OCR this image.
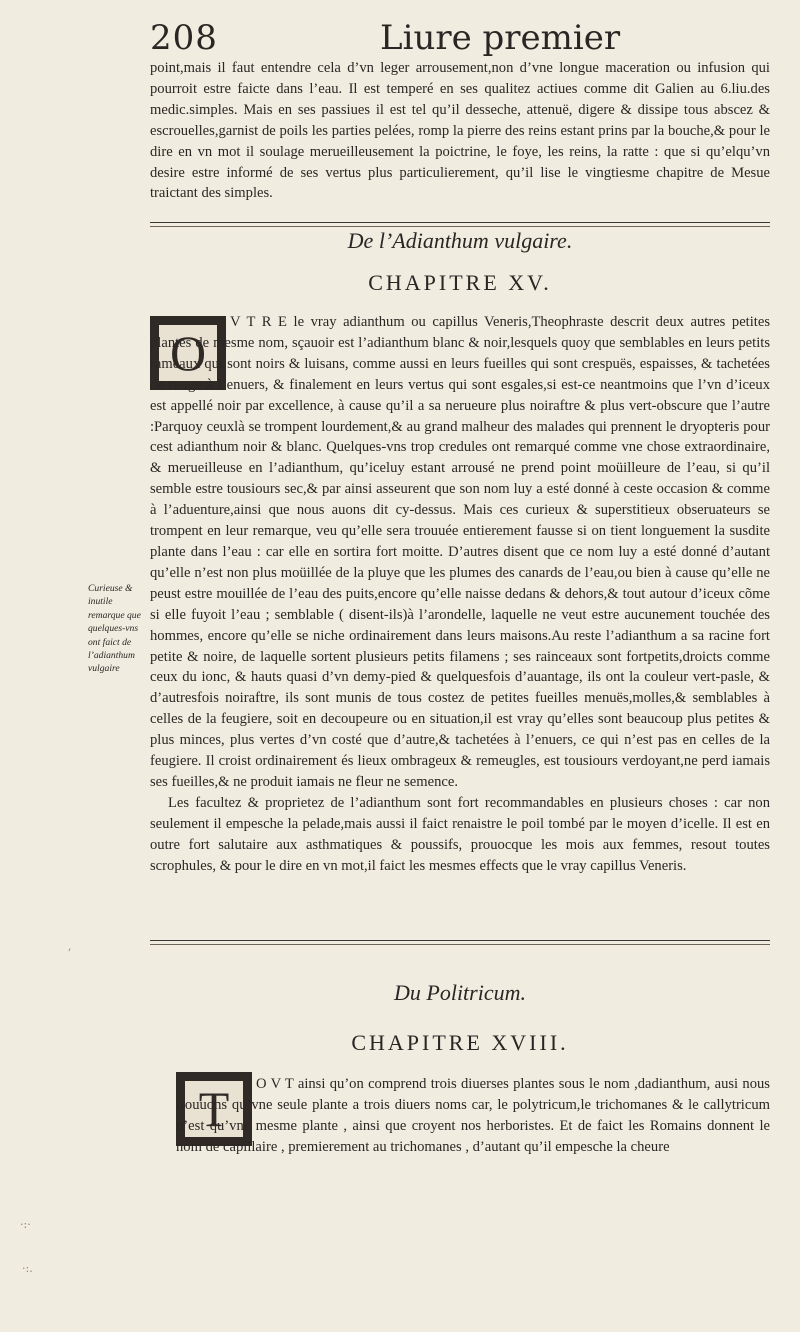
208	Liure premier

point,mais il faut entendre cela d’vn leger arrousement,non d’vne longue maceration ou infusion qui pourroit estre faicte dans l’eau. Il est temperé en ses qualitez actiues comme dit Galien au 6.liu.des medic.simples. Mais en ses passiues il est tel qu’il desseche, attenuë, digere & dissipe tous abscez & escrouelles,garnist de poils les parties pelées, romp la pierre des reins estant prins par la bouche,& pour le dire en vn mot il soulage merueilleusement la poictrine, le foye, les reins, la ratte : que si qu’elqu’vn desire estre informé de ses vertus plus particulierement, qu’il lise le vingtiesme chapitre de Mesue traictant des simples.

De l’Adianthum vulgaire.
CHAPITRE XV.
O

V T R E le vray adianthum ou capillus Veneris,Theophraste descrit deux autres petites plantes de mesme nom, sçauoir est l’adianthum blanc & noir,lesquels quoy que semblables en leurs petits rameaux qui sont noirs & luisans, comme aussi en leurs fueilles qui sont crespuës, espaisses, & tachetées de rouge à l’enuers, & finalement en leurs vertus qui sont esgales,si est-ce neantmoins que l’vn d’iceux est appellé noir par excellence, à cause qu’il a sa nerueure plus noiraftre & plus vert-obscure que l’autre :Parquoy ceuxlà se trompent lourdement,& au grand malheur des malades qui prennent le dryopteris pour cest adianthum noir & blanc. Quelques-vns trop credules ont remarqué comme vne chose extraordinaire, & merueilleuse en l’adianthum, qu’iceluy estant arrousé ne prend point moüilleure de l’eau, si qu’il semble estre tousiours sec,& par ainsi asseurent que son nom luy a esté donné à ceste occasion & comme à l’aduenture,ainsi que nous auons dit cy-dessus. Mais ces curieux & superstitieux obseruateurs se trompent en leur remarque, veu qu’elle sera trouuée entierement fausse si on tient longuement la susdite plante dans l’eau : car elle en sortira fort moitte. D’autres disent que ce nom luy a esté donné d’autant qu’elle n’est non plus moüillée de la pluye que les plumes des canards de l’eau,ou bien à cause qu’elle ne peust estre mouillée de l’eau des puits,encore qu’elle naisse dedans & dehors,& tout autour d’iceux cõme si elle fuyoit l’eau ; semblable ( disent-ils)à l’arondelle, laquelle ne veut estre aucunement touchée des hommes, encore qu’elle se niche ordinairement dans leurs maisons.Au reste l’adianthum a sa racine fort petite & noire, de laquelle sortent plusieurs petits filamens ; ses rainceaux sont fortpetits,droicts comme ceux du ionc, & hauts quasi d’vn demy-pied & quelquesfois d’auantage, ils ont la couleur vert-pasle, & d’autresfois noiraftre, ils sont munis de tous costez de petites fueilles menuës,molles,& semblables à celles de la feugiere, soit en decoupeure ou en situation,il est vray qu’elles sont beaucoup plus petites & plus minces, plus vertes d’vn costé que d’autre,& tachetées à l’enuers, ce qui n’est pas en celles de la feugiere. Il croist ordinairement és lieux ombrageux & remeugles, est tousiours verdoyant,ne perd iamais ses fueilles,& ne produit iamais ne fleur ne semence.

Les facultez & proprietez de l’adianthum sont fort recommandables en plusieurs choses : car non seulement il empesche la pelade,mais aussi il faict renaistre le poil tombé par le moyen d’icelle. Il est en outre fort salutaire aux asthmatiques & poussifs, prouocque les mois aux femmes, resout toutes scrophules, & pour le dire en vn mot,il faict les mesmes effects que le vray capillus Veneris.

Curieuse & inutile remarque que quelques-vns ont faict de l’adianthum vulgaire
Du Politricum.
CHAPITRE XVIII.
T	O V T ainsi qu’on comprend trois diuerses plantes sous le nom ,dadianthum, ausi nous trouuons qu’vne seule plante a trois diuers noms car, le polytricum,le trichomanes & le callytricum n’est qu’vne mesme plante , ainsi que croyent nos herboristes. Et de faict les Romains donnent le nom de capillaire , premierement au trichomanes , d’autant qu’il empesche la cheure

,
·:·
·:.
